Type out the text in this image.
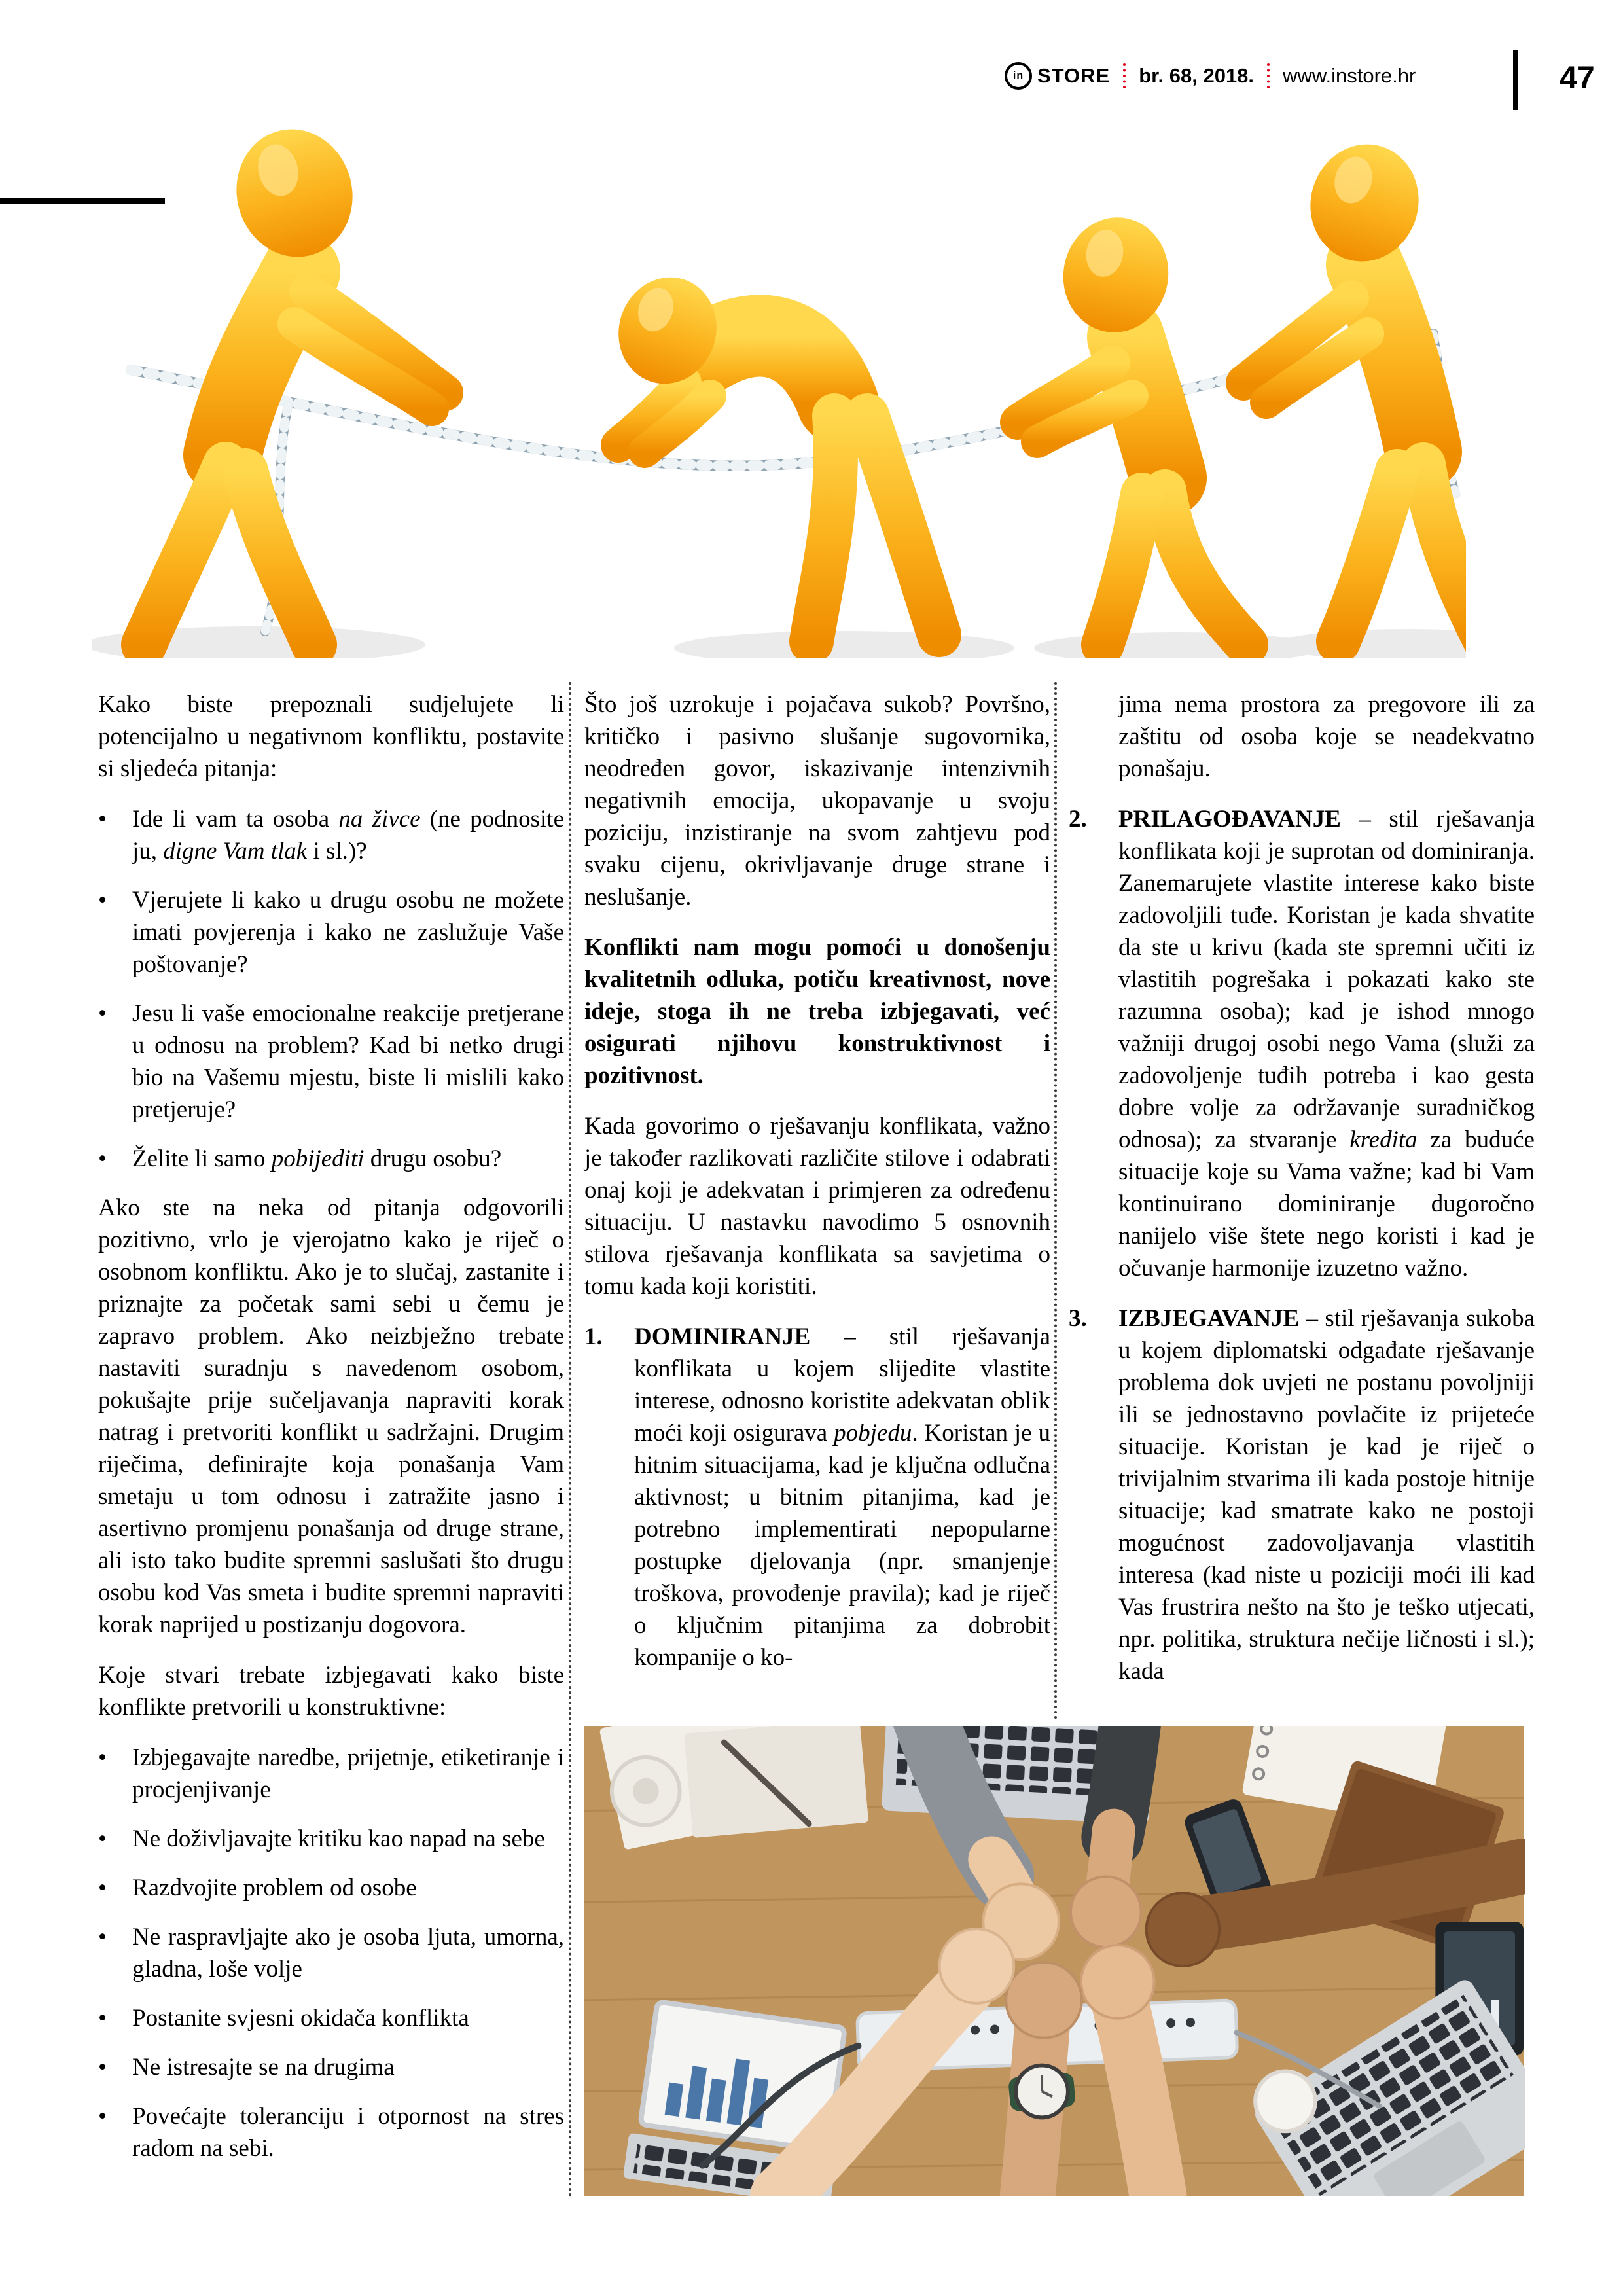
in STORE br. 68, 2018. www.instore.hr	47

Kako biste prepoznali sudjelujete li potencijalno u negativnom konfliktu, postavite si sljedeća pitanja:

• Ide li vam ta osoba na živce (ne podnosite ju, digne Vam tlak i sl.)?
• Vjerujete li kako u drugu osobu ne možete imati povjerenja i kako ne zaslužuje Vaše poštovanje?
• Jesu li vaše emocionalne reakcije pretjerane u odnosu na problem? Kad bi netko drugi bio na Vašemu mjestu, biste li mislili kako pretjeruje?
• Želite li samo pobijediti drugu osobu?

Ako ste na neka od pitanja odgovorili pozitivno, vrlo je vjerojatno kako je riječ o osobnom konfliktu. Ako je to slučaj, zastanite i priznajte za početak sami sebi u čemu je zapravo problem. Ako neizbježno trebate nastaviti suradnju s navedenom osobom, pokušajte prije sučeljavanja napraviti korak natrag i pretvoriti konflikt u sadržajni. Drugim riječima, definirajte koja ponašanja Vam smetaju u tom odnosu i zatražite jasno i asertivno promjenu ponašanja od druge strane, ali isto tako budite spremni saslušati što drugu osobu kod Vas smeta i budite spremni napraviti korak naprijed u postizanju dogovora.

Koje stvari trebate izbjegavati kako biste konflikte pretvorili u konstruktivne:

• Izbjegavajte naredbe, prijetnje, etiketiranje i procjenjivanje
• Ne doživljavajte kritiku kao napad na sebe
• Razdvojite problem od osobe
• Ne raspravljajte ako je osoba ljuta, umorna, gladna, loše volje
• Postanite svjesni okidača konflikta
• Ne istresajte se na drugima
• Povećajte toleranciju i otpornost na stres radom na sebi.

Što još uzrokuje i pojačava sukob? Površno, kritičko i pasivno slušanje sugovornika, neodređen govor, iskazivanje intenzivnih negativnih emocija, ukopavanje u svoju poziciju, inzistiranje na svom zahtjevu pod svaku cijenu, okrivljavanje druge strane i neslušanje.

Konflikti nam mogu pomoći u donošenju kvalitetnih odluka, potiču kreativnost, nove ideje, stoga ih ne treba izbjegavati, već osigurati njihovu konstruktivnost i pozitivnost.

Kada govorimo o rješavanju konflikata, važno je također razlikovati različite stilove i odabrati onaj koji je adekvatan i primjeren za određenu situaciju. U nastavku navodimo 5 osnovnih stilova rješavanja konflikata sa savjetima o tomu kada koji koristiti.

1. DOMINIRANJE – stil rješavanja konflikata u kojem slijedite vlastite interese, odnosno koristite adekvatan oblik moći koji osigurava pobjedu. Koristan je u hitnim situacijama, kad je ključna odlučna aktivnost; u bitnim pitanjima, kad je potrebno implementirati nepopularne postupke djelovanja (npr. smanjenje troškova, provođenje pravila); kad je riječ o ključnim pitanjima za dobrobit kompanije o ko-

jima nema prostora za pregovore ili za zaštitu od osoba koje se neadekvatno ponašaju.

2. PRILAGOĐAVANJE – stil rješavanja konflikata koji je suprotan od dominiranja. Zanemarujete vlastite interese kako biste zadovoljili tuđe. Koristan je kada shvatite da ste u krivu (kada ste spremni učiti iz vlastitih pogrešaka i pokazati kako ste razumna osoba); kad je ishod mnogo važniji drugoj osobi nego Vama (služi za zadovoljenje tuđih potreba i kao gesta dobre volje za održavanje suradničkog odnosa); za stvaranje kredita za buduće situacije koje su Vama važne; kad bi Vam kontinuirano dominiranje dugoročno nanijelo više štete nego koristi i kad je očuvanje harmonije izuzetno važno.
3. IZBJEGAVANJE – stil rješavanja sukoba u kojem diplomatski odgađate rješavanje problema dok uvjeti ne postanu povoljniji ili se jednostavno povlačite iz prijeteće situacije. Koristan je kad je riječ o trivijalnim stvarima ili kada postoje hitnije situacije; kad smatrate kako ne postoji mogućnost zadovoljavanja vlastitih interesa (kad niste u poziciji moći ili kad Vas frustrira nešto na što je teško utjecati, npr. politika, struktura nečije ličnosti i sl.); kada
